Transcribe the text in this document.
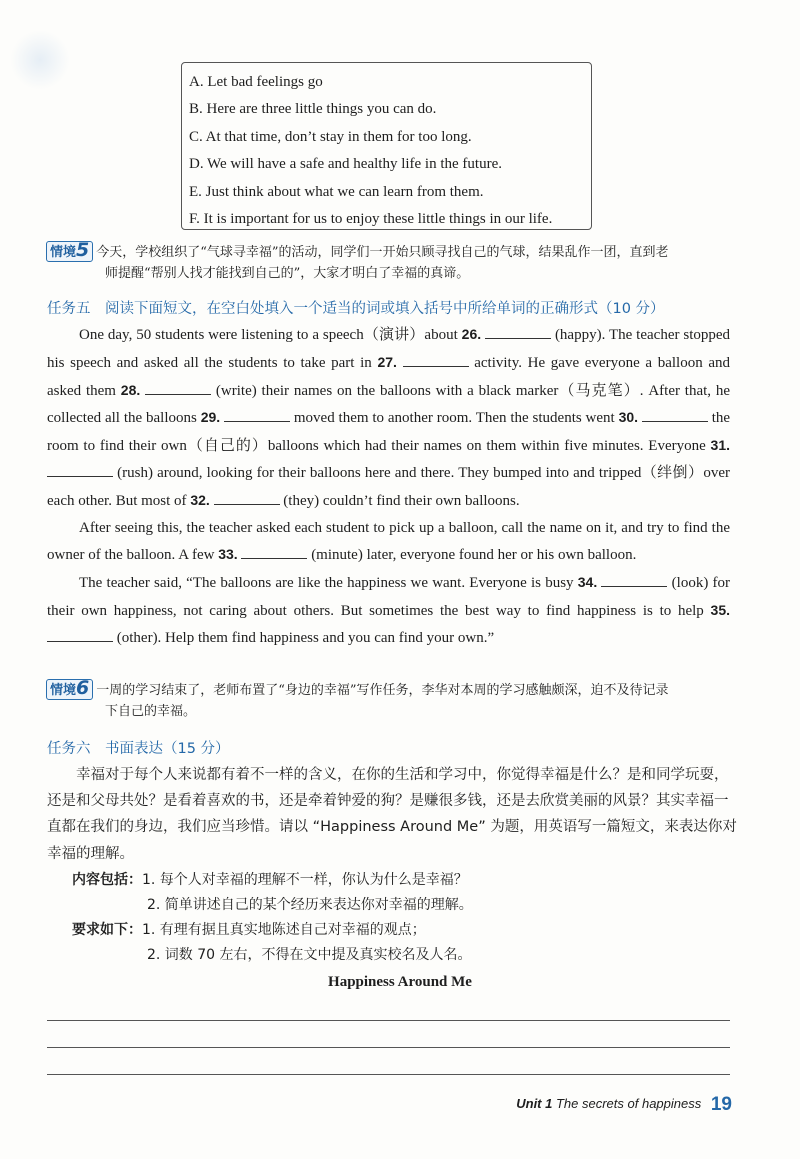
A. Let bad feelings go
B. Here are three little things you can do.
C. At that time, don’t stay in them for too long.
D. We will have a safe and healthy life in the future.
E. Just think about what we can learn from them.
F. It is important for us to enjoy these little things in our life.
情境5 今天，学校组织了“气球寻幸福”的活动，同学们一开始只顾寻找自己的气球，结果乱作一团，直到老
师提醒“帮别人找才能找到自己的”，大家才明白了幸福的真谛。
任务五　阅读下面短文，在空白处填入一个适当的词或填入括号中所给单词的正确形式（10 分）

One day, 50 students were listening to a speech（演讲）about 26.	(happy). The teacher stopped his speech and asked all the students to take part in 27.	activity. He gave everyone a balloon and asked them 28.	(write) their names on the balloons with a black marker（马克笔）. After that, he collected all the balloons 29.	moved them to another room. Then the students went 30.	the room to find their own（自己的）balloons which had their names on them within five minutes. Everyone 31.  (rush) around, looking for their balloons here and there. They bumped into and tripped（绊倒）over each other. But most of 32.	(they) couldn’t find their own balloons.

After seeing this, the teacher asked each student to pick up a balloon, call the name on it, and try to find the owner of the balloon. A few 33.	(minute) later, everyone found her or his own balloon.

The teacher said, “The balloons are like the happiness we want. Everyone is busy 34.	(look) for their own happiness, not caring about others. But sometimes the best way to find happiness is to help 35.  (other). Help them find happiness and you can find your own.”

情境6 一周的学习结束了，老师布置了“身边的幸福”写作任务，李华对本周的学习感触颇深，迫不及待记录
下自己的幸福。
任务六　书面表达（15 分）

幸福对于每个人来说都有着不一样的含义，在你的生活和学习中，你觉得幸福是什么？是和同学玩耍，还是和父母共处？是看着喜欢的书，还是牵着钟爱的狗？是赚很多钱，还是去欣赏美丽的风景？其实幸福一直都在我们的身边，我们应当珍惜。请以 “Happiness Around Me” 为题，用英语写一篇短文，来表达你对幸福的理解。

内容包括：1. 每个人对幸福的理解不一样，你认为什么是幸福？
2. 简单讲述自己的某个经历来表达你对幸福的理解。
要求如下：1. 有理有据且真实地陈述自己对幸福的观点；
2. 词数 70 左右，不得在文中提及真实校名及人名。
Happiness Around Me
Unit 1 The secrets of happiness 19
